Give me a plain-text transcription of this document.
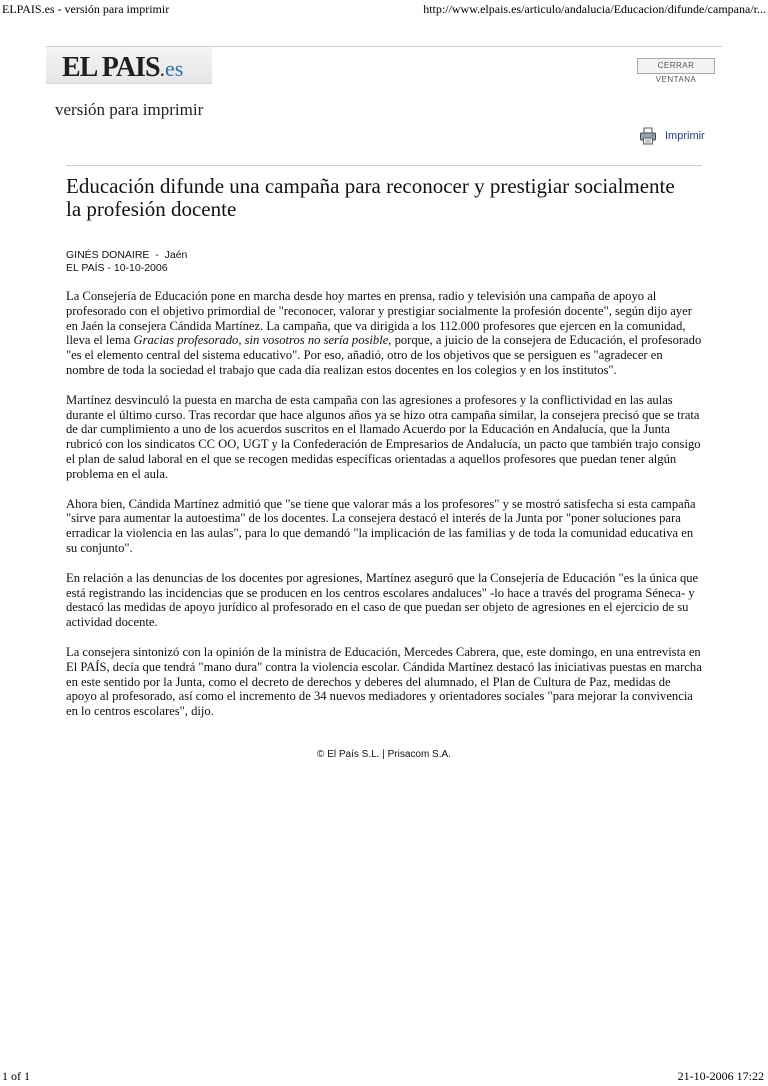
ELPAIS.es - versión para imprimir	http://www.elpais.es/articulo/andalucia/Educacion/difunde/campana/r...
EL PAIS.es	CERRAR VENTANA
versión para imprimir
Imprimir
Educación difunde una campaña para reconocer y prestigiar socialmente la profesión docente
GINÉS DONAIRE - Jaén
EL PAÍS - 10-10-2006

La Consejería de Educación pone en marcha desde hoy martes en prensa, radio y televisión una campaña de apoyo al profesorado con el objetivo primordial de "reconocer, valorar y prestigiar socialmente la profesión docente", según dijo ayer en Jaén la consejera Cándida Martínez. La campaña, que va dirigida a los 112.000 profesores que ejercen en la comunidad, lleva el lema Gracias profesorado, sin vosotros no sería posible, porque, a juicio de la consejera de Educación, el profesorado "es el elemento central del sistema educativo". Por eso, añadió, otro de los objetivos que se persiguen es "agradecer en nombre de toda la sociedad el trabajo que cada día realizan estos docentes en los colegios y en los institutos".

Martínez desvinculó la puesta en marcha de esta campaña con las agresiones a profesores y la conflictividad en las aulas durante el último curso. Tras recordar que hace algunos años ya se hizo otra campaña similar, la consejera precisó que se trata de dar cumplimiento a uno de los acuerdos suscritos en el llamado Acuerdo por la Educación en Andalucía, que la Junta rubricó con los sindicatos CC OO, UGT y la Confederación de Empresarios de Andalucía, un pacto que también trajo consigo el plan de salud laboral en el que se recogen medidas específicas orientadas a aquellos profesores que puedan tener algún problema en el aula.

Ahora bien, Cándida Martínez admitió que "se tiene que valorar más a los profesores" y se mostró satisfecha si esta campaña "sirve para aumentar la autoestima" de los docentes. La consejera destacó el interés de la Junta por "poner soluciones para erradicar la violencia en las aulas", para lo que demandó "la implicación de las familias y de toda la comunidad educativa en su conjunto".

En relación a las denuncias de los docentes por agresiones, Martínez aseguró que la Consejería de Educación "es la única que está registrando las incidencias que se producen en los centros escolares andaluces" -lo hace a través del programa Séneca- y destacó las medidas de apoyo jurídico al profesorado en el caso de que puedan ser objeto de agresiones en el ejercicio de su actividad docente.

La consejera sintonizó con la opinión de la ministra de Educación, Mercedes Cabrera, que, este domingo, en una entrevista en El PAÍS, decía que tendrá "mano dura" contra la violencia escolar. Cándida Martínez destacó las iniciativas puestas en marcha en este sentido por la Junta, como el decreto de derechos y deberes del alumnado, el Plan de Cultura de Paz, medidas de apoyo al profesorado, así como el incremento de 34 nuevos mediadores y orientadores sociales "para mejorar la convivencia en lo centros escolares", dijo.

© El País S.L. | Prisacom S.A.
1 of 1	21-10-2006 17:22
